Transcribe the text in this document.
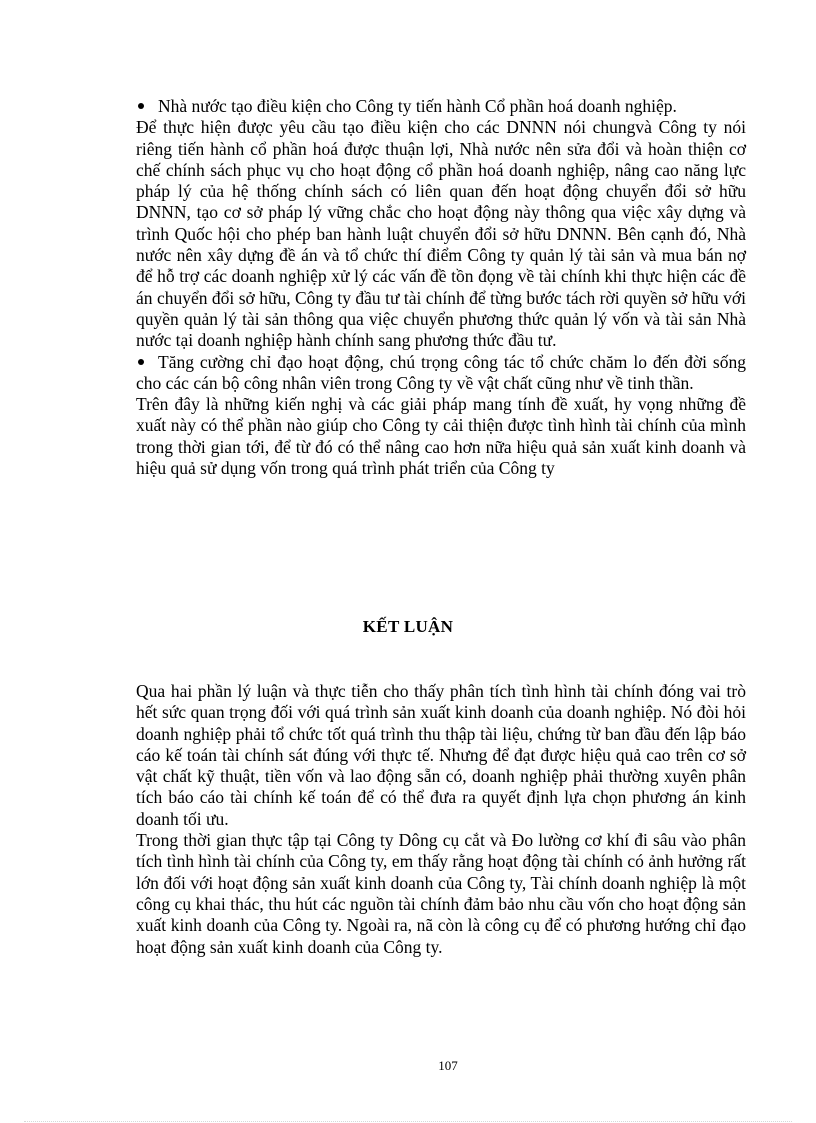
Nhà nước tạo điều kiện cho Công ty tiến hành Cổ phần hoá doanh nghiệp.

Để thực hiện được yêu cầu tạo điều kiện cho các DNNN nói chungvà Công ty nói riêng tiến hành cổ phần hoá được thuận lợi, Nhà nước nên sửa đổi và hoàn thiện cơ chế chính sách phục vụ cho hoạt động cổ phần hoá doanh nghiệp, nâng cao năng lực pháp lý của hệ thống chính sách có liên quan đến hoạt động chuyển đổi sở hữu DNNN, tạo cơ sở pháp lý vững chắc cho hoạt động này thông qua việc xây dựng và trình Quốc hội cho phép ban hành luật chuyển đổi sở hữu DNNN. Bên cạnh đó, Nhà nước nên xây dựng đề án và tổ chức thí điểm Công ty quản lý tài sản và mua bán nợ để hỗ trợ các doanh nghiệp xử lý các vấn đề tồn đọng về tài chính khi thực hiện các đề án chuyển đổi sở hữu, Công ty đầu tư tài chính để từng bước tách rời quyền sở hữu với quyền quản lý tài sản thông qua việc chuyển phương thức quản lý vốn và tài sản Nhà nước tại doanh nghiệp hành chính sang phương thức đầu tư.

Tăng cường chỉ đạo hoạt động, chú trọng công tác tổ chức chăm lo đến đời sống cho các cán bộ công nhân viên trong Công ty về vật chất cũng như về tinh thần.

Trên đây là những kiến nghị và các giải pháp mang tính đề xuất, hy vọng những đề xuất này có thể phần nào giúp cho Công ty cải thiện được tình hình tài chính của mình trong thời gian tới, để từ đó có thể nâng cao hơn nữa hiệu quả sản xuất kinh doanh và hiệu quả sử dụng vốn trong quá trình phát triển của Công ty

KẾT LUẬN

Qua hai phần lý luận và thực tiễn cho thấy phân tích tình hình tài chính đóng vai trò hết sức quan trọng đối với quá trình sản xuất kinh doanh của doanh nghiệp. Nó đòi hỏi doanh nghiệp phải tổ chức tốt quá trình thu thập tài liệu, chứng từ ban đầu đến lập báo cáo kế toán tài chính sát đúng với thực tế. Nhưng để đạt được hiệu quả cao trên cơ sở vật chất kỹ thuật, tiền vốn và lao động sẵn có, doanh nghiệp phải thường xuyên phân tích báo cáo tài chính kế toán để có thể đưa ra quyết định lựa chọn phương án kinh doanh tối ưu.

Trong thời gian thực tập tại Công ty Dông cụ cắt và Đo lường cơ khí đi sâu vào phân tích tình hình tài chính của Công ty, em thấy rằng hoạt động tài chính có ảnh hưởng rất lớn đối với hoạt động sản xuất kinh doanh của Công ty, Tài chính doanh nghiệp là một công cụ khai thác, thu hút các nguồn tài chính đảm bảo nhu cầu vốn cho hoạt động sản xuất kinh doanh của Công ty. Ngoài ra, nã còn là công cụ để có phương hướng chỉ đạo hoạt động sản xuất kinh doanh của Công ty.

107
